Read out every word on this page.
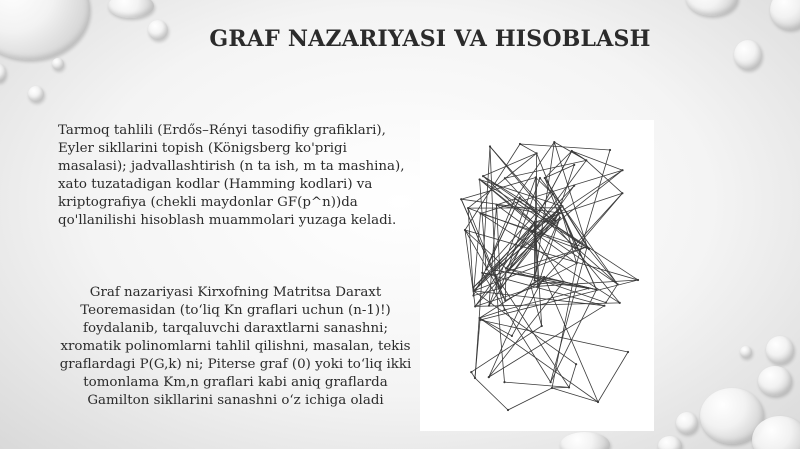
GRAF NAZARIYASI VA HISOBLASH

Tarmoq tahlili (Erdős–Rényi tasodifiy grafiklari), Eyler sikllarini topish (Königsberg ko'prigi masalasi); jadvallashtirish (n ta ish, m ta mashina), xato tuzatadigan kodlar (Hamming kodlari) va kriptografiya (chekli maydonlar GF(p^n))da qo'llanilishi hisoblash muammolari yuzaga keladi.

Graf nazariyasi Kirxofning Matritsa Daraxt Teoremasidan (toʻliq Kn graflari uchun (n-1)!) foydalanib, tarqaluvchi daraxtlarni sanashni; xromatik polinomlarni tahlil qilishni, masalan, tekis graflardagi P(G,k) ni; Piterse graf (0) yoki toʻliq ikki tomonlama Km,n graflari kabi aniq graflarda Gamilton sikllarini sanashni oʻz ichiga oladi
